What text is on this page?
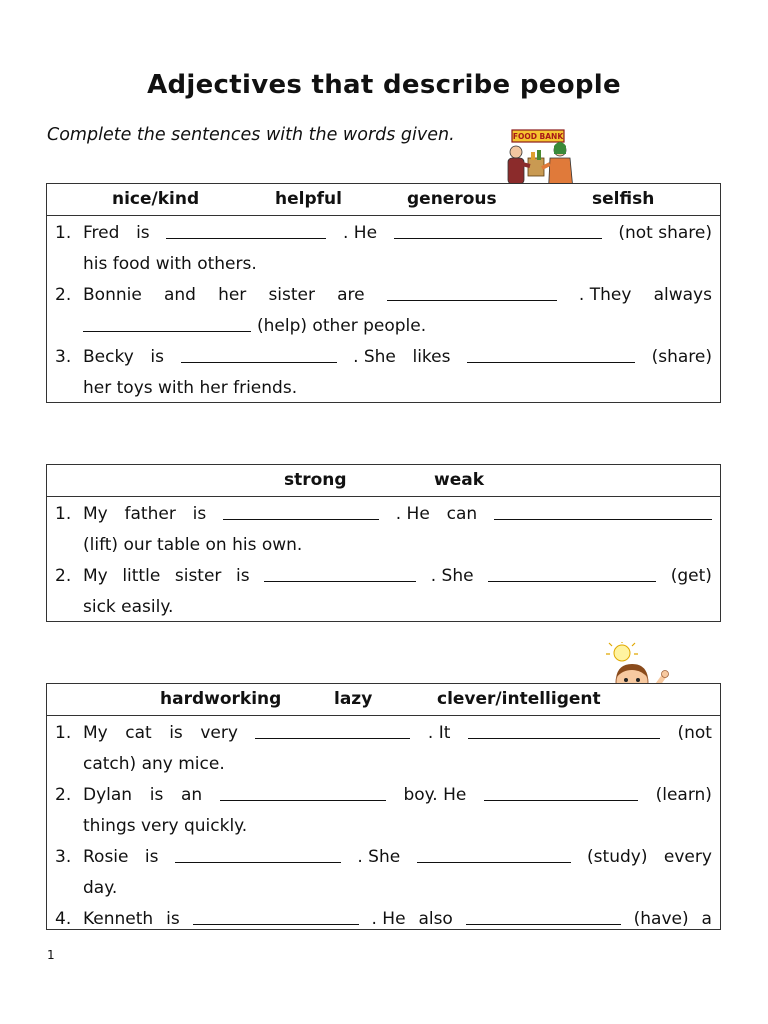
Adjectives that describe people
Complete the sentences with the words given.	FOOD BANK
nice/kind	helpful	generous	selfish
1. Fred is	. He	(not share)
his food with others.
2. Bonnie and her sister are	. They always
(help) other people.
3. Becky is	. She likes	(share)
her toys with her friends.
strong	weak
1. My father is	. He can
(lift) our table on his own.
2. My little sister is	. She	(get)
sick easily.
hardworking	lazy	clever/intelligent
1. My cat is very	. It	(not
catch) any mice.
2. Dylan is an	boy. He	(learn)
things very quickly.
3. Rosie is	. She	(study) every
day.
4. Kenneth is	. He also	(have) a
1
